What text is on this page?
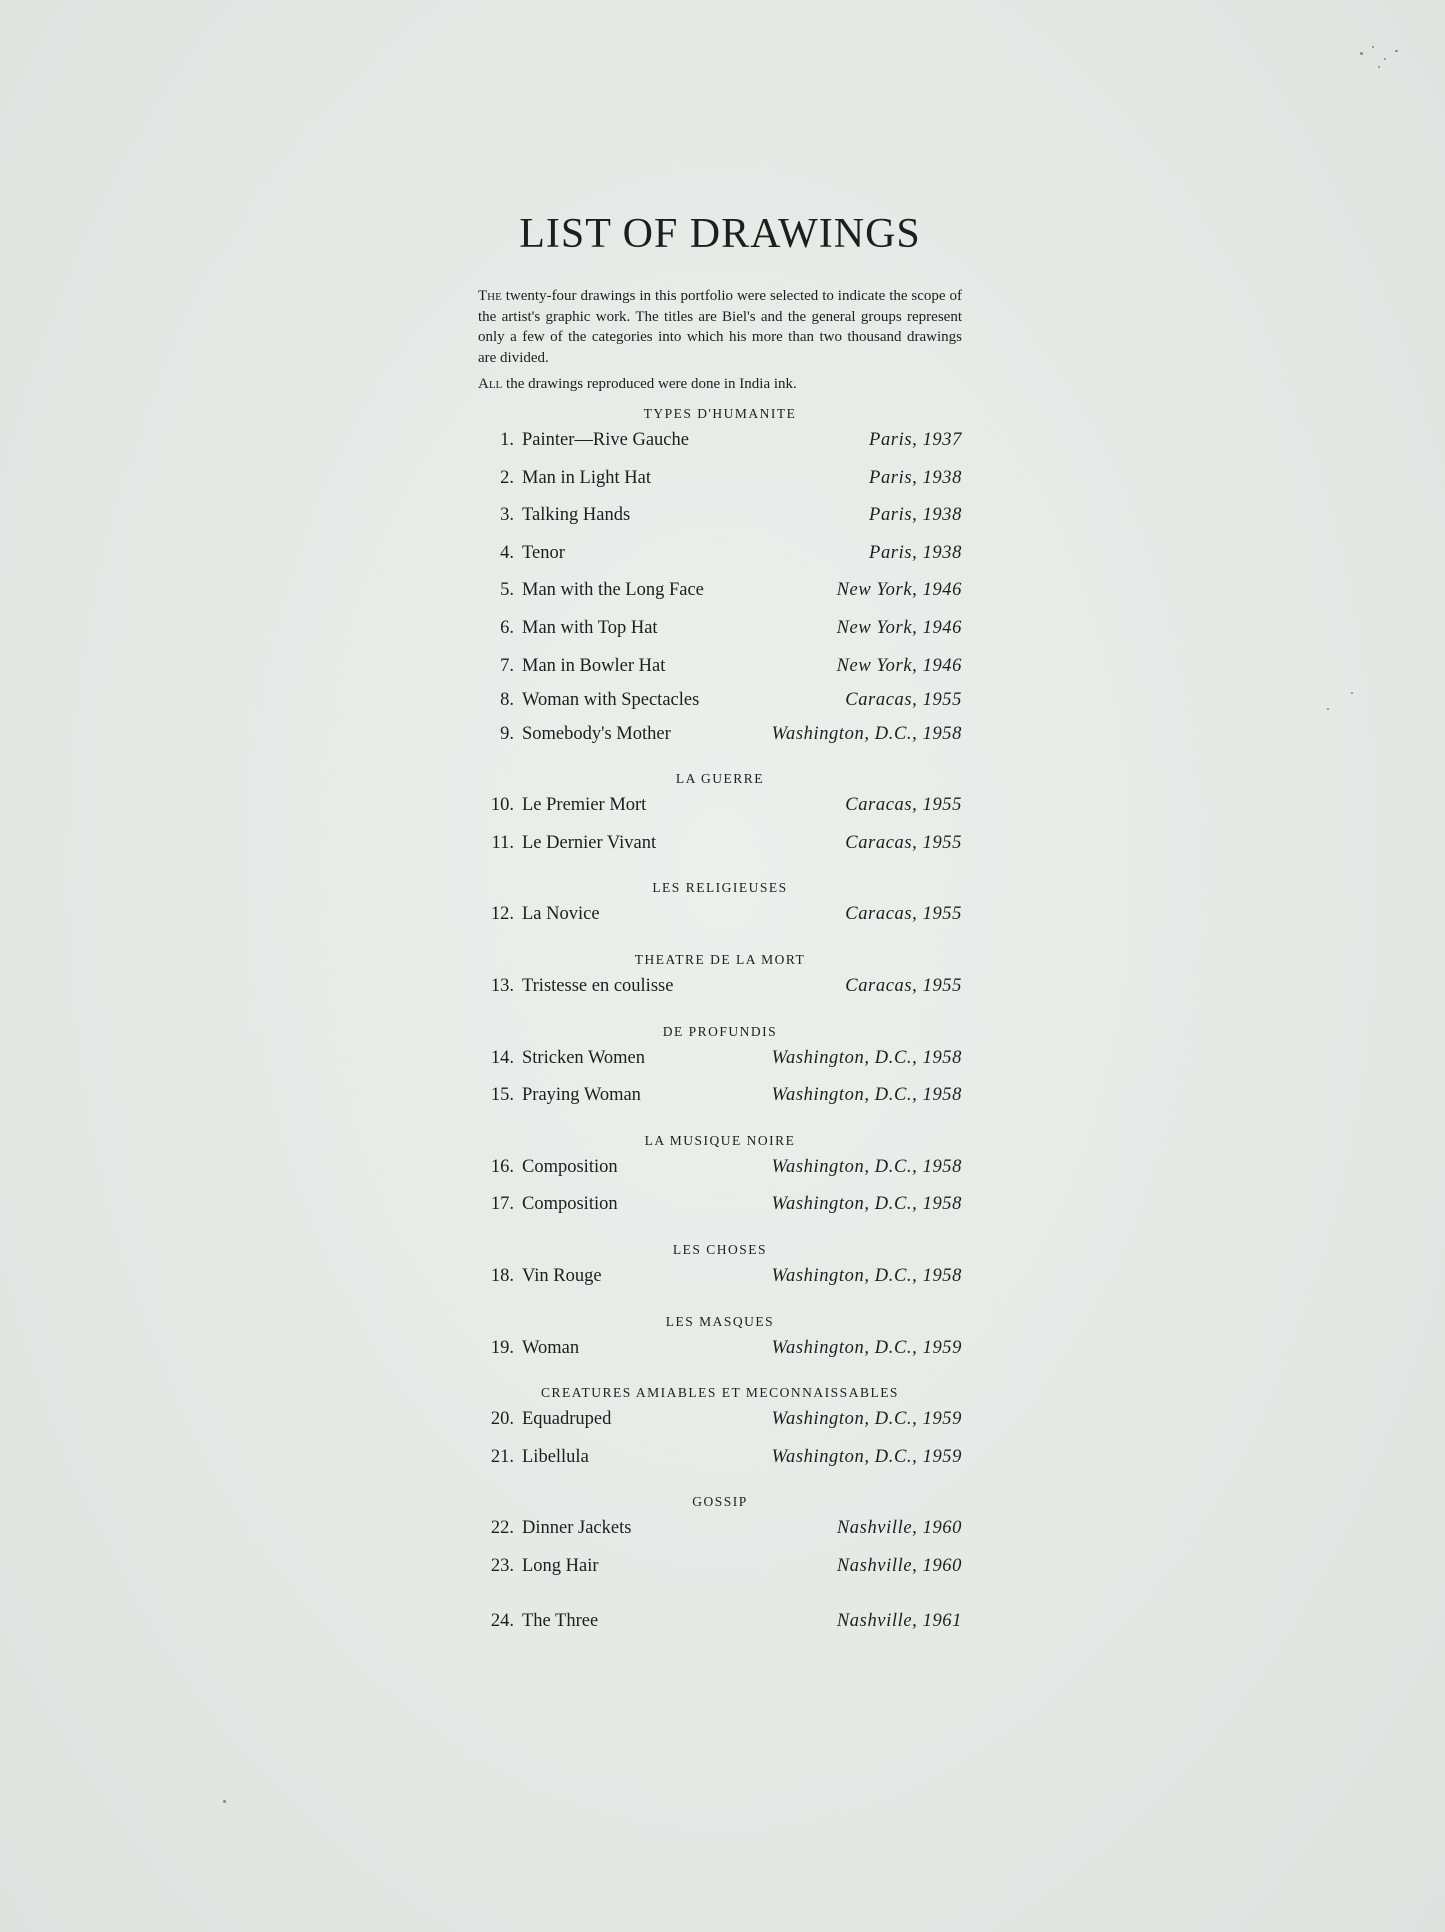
LIST OF DRAWINGS

The twenty-four drawings in this portfolio were selected to indicate the scope of the artist's graphic work. The titles are Biel's and the general groups represent only a few of the categories into which his more than two thousand drawings are divided.

All the drawings reproduced were done in India ink.

TYPES D'HUMANITE
1. Painter—Rive Gauche	Paris, 1937
2. Man in Light Hat	Paris, 1938
3. Talking Hands	Paris, 1938
4. Tenor	Paris, 1938
5. Man with the Long Face	New York, 1946
6. Man with Top Hat	New York, 1946
7. Man in Bowler Hat	New York, 1946
8. Woman with Spectacles	Caracas, 1955
9. Somebody's Mother	Washington, D.C., 1958
LA GUERRE
10. Le Premier Mort	Caracas, 1955
11. Le Dernier Vivant	Caracas, 1955
LES RELIGIEUSES
12. La Novice	Caracas, 1955
THEATRE DE LA MORT
13. Tristesse en coulisse	Caracas, 1955
DE PROFUNDIS
14. Stricken Women	Washington, D.C., 1958
15. Praying Woman	Washington, D.C., 1958
LA MUSIQUE NOIRE
16. Composition	Washington, D.C., 1958
17. Composition	Washington, D.C., 1958
LES CHOSES
18. Vin Rouge	Washington, D.C., 1958
LES MASQUES
19. Woman	Washington, D.C., 1959
CREATURES AMIABLES ET MECONNAISSABLES
20. Equadruped	Washington, D.C., 1959
21. Libellula	Washington, D.C., 1959
GOSSIP
22. Dinner Jackets	Nashville, 1960
23. Long Hair	Nashville, 1960
24. The Three	Nashville, 1961
